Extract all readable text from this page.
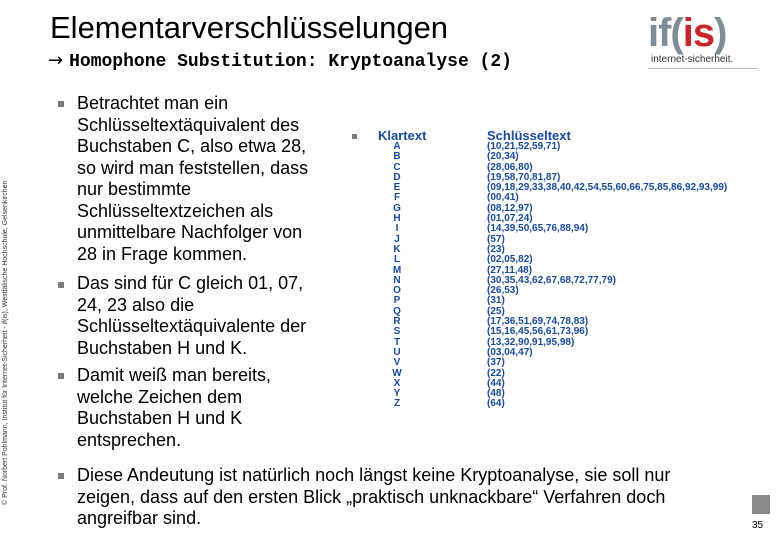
Elementarverschlüsselungen
→ Homophone Substitution: Kryptoanalyse (2)
if(is)
internet-sicherheit.
© Prof. Norbert Pohlmann, Institut für Internet-Sicherheit - if(is), Westfälische Hochschule, Gelsenkirchen
Betrachtet man ein
Schlüsseltextäquivalent des
Buchstaben C, also etwa 28,
so wird man feststellen, dass
nur bestimmte
Schlüsseltextzeichen als
unmittelbare Nachfolger von
28 in Frage kommen.
Das sind für C gleich 01, 07,
24, 23 also die
Schlüsseltextäquivalente der
Buchstaben H und K.
Damit weiß man bereits,
welche Zeichen dem
Buchstaben H und K
entsprechen.
Diese Andeutung ist natürlich noch längst keine Kryptoanalyse, sie soll nur
zeigen, dass auf den ersten Blick „praktisch unknackbare“ Verfahren doch
angreifbar sind.
Klartext	Schlüsseltext
A
B
C
D
E
F
G
H
I
J
K
L
M
N
O
P
Q
R
S
T
U
V
W
X
Y
Z
(10,21,52,59,71)
(20,34)
(28,06,80)
(19,58,70,81,87)
(09,18,29,33,38,40,42,54,55,60,66,75,85,86,92,93,99)
(00,41)
(08,12,97)
(01,07,24)
(14,39,50,65,76,88,94)
(57)
(23)
(02,05,82)
(27,11,48)
(30,35,43,62,67,68,72,77,79)
(26,53)
(31)
(25)
(17,36,51,69,74,78,83)
(15,16,45,56,61,73,96)
(13,32,90,91,95,98)
(03,04,47)
(37)
(22)
(44)
(48)
(64)
35
